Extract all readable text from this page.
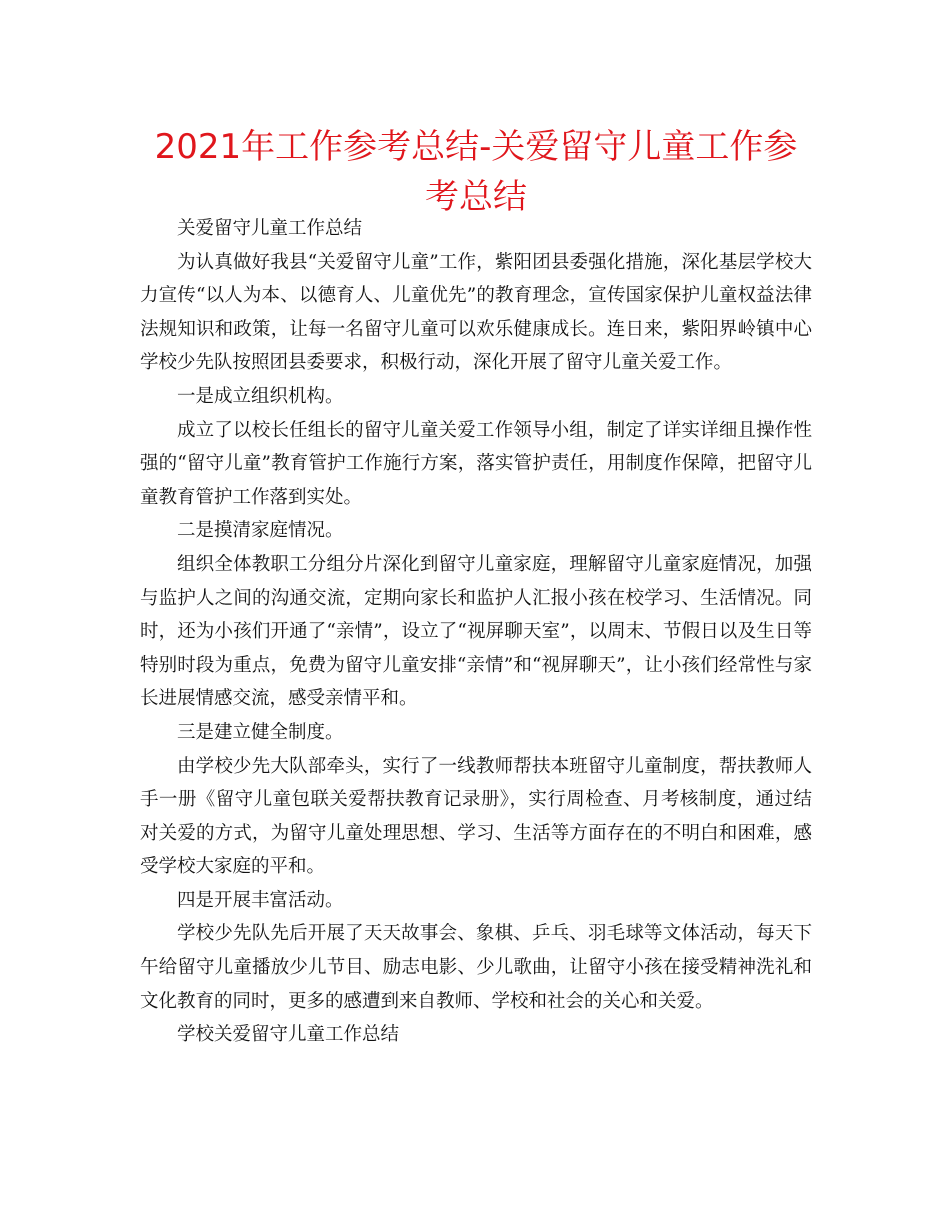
2021年工作参考总结-关爱留守儿童工作参考总结

关爱留守儿童工作总结

为认真做好我县“关爱留守儿童”工作，紫阳团县委强化措施，深化基层学校大力宣传“以人为本、以德育人、儿童优先”的教育理念，宣传国家保护儿童权益法律法规知识和政策，让每一名留守儿童可以欢乐健康成长。连日来，紫阳界岭镇中心学校少先队按照团县委要求，积极行动，深化开展了留守儿童关爱工作。

一是成立组织机构。

成立了以校长任组长的留守儿童关爱工作领导小组，制定了详实详细且操作性强的“留守儿童”教育管护工作施行方案，落实管护责任，用制度作保障，把留守儿童教育管护工作落到实处。

二是摸清家庭情况。

组织全体教职工分组分片深化到留守儿童家庭，理解留守儿童家庭情况，加强与监护人之间的沟通交流，定期向家长和监护人汇报小孩在校学习、生活情况。同时，还为小孩们开通了“亲情”，设立了“视屏聊天室”，以周末、节假日以及生日等特别时段为重点，免费为留守儿童安排“亲情”和“视屏聊天”，让小孩们经常性与家长进展情感交流，感受亲情平和。

三是建立健全制度。

由学校少先大队部牵头，实行了一线教师帮扶本班留守儿童制度，帮扶教师人手一册《留守儿童包联关爱帮扶教育记录册》，实行周检查、月考核制度，通过结对关爱的方式，为留守儿童处理思想、学习、生活等方面存在的不明白和困难，感受学校大家庭的平和。

四是开展丰富活动。

学校少先队先后开展了天天故事会、象棋、乒乓、羽毛球等文体活动，每天下午给留守儿童播放少儿节目、励志电影、少儿歌曲，让留守小孩在接受精神洗礼和文化教育的同时，更多的感遭到来自教师、学校和社会的关心和关爱。

学校关爱留守儿童工作总结
